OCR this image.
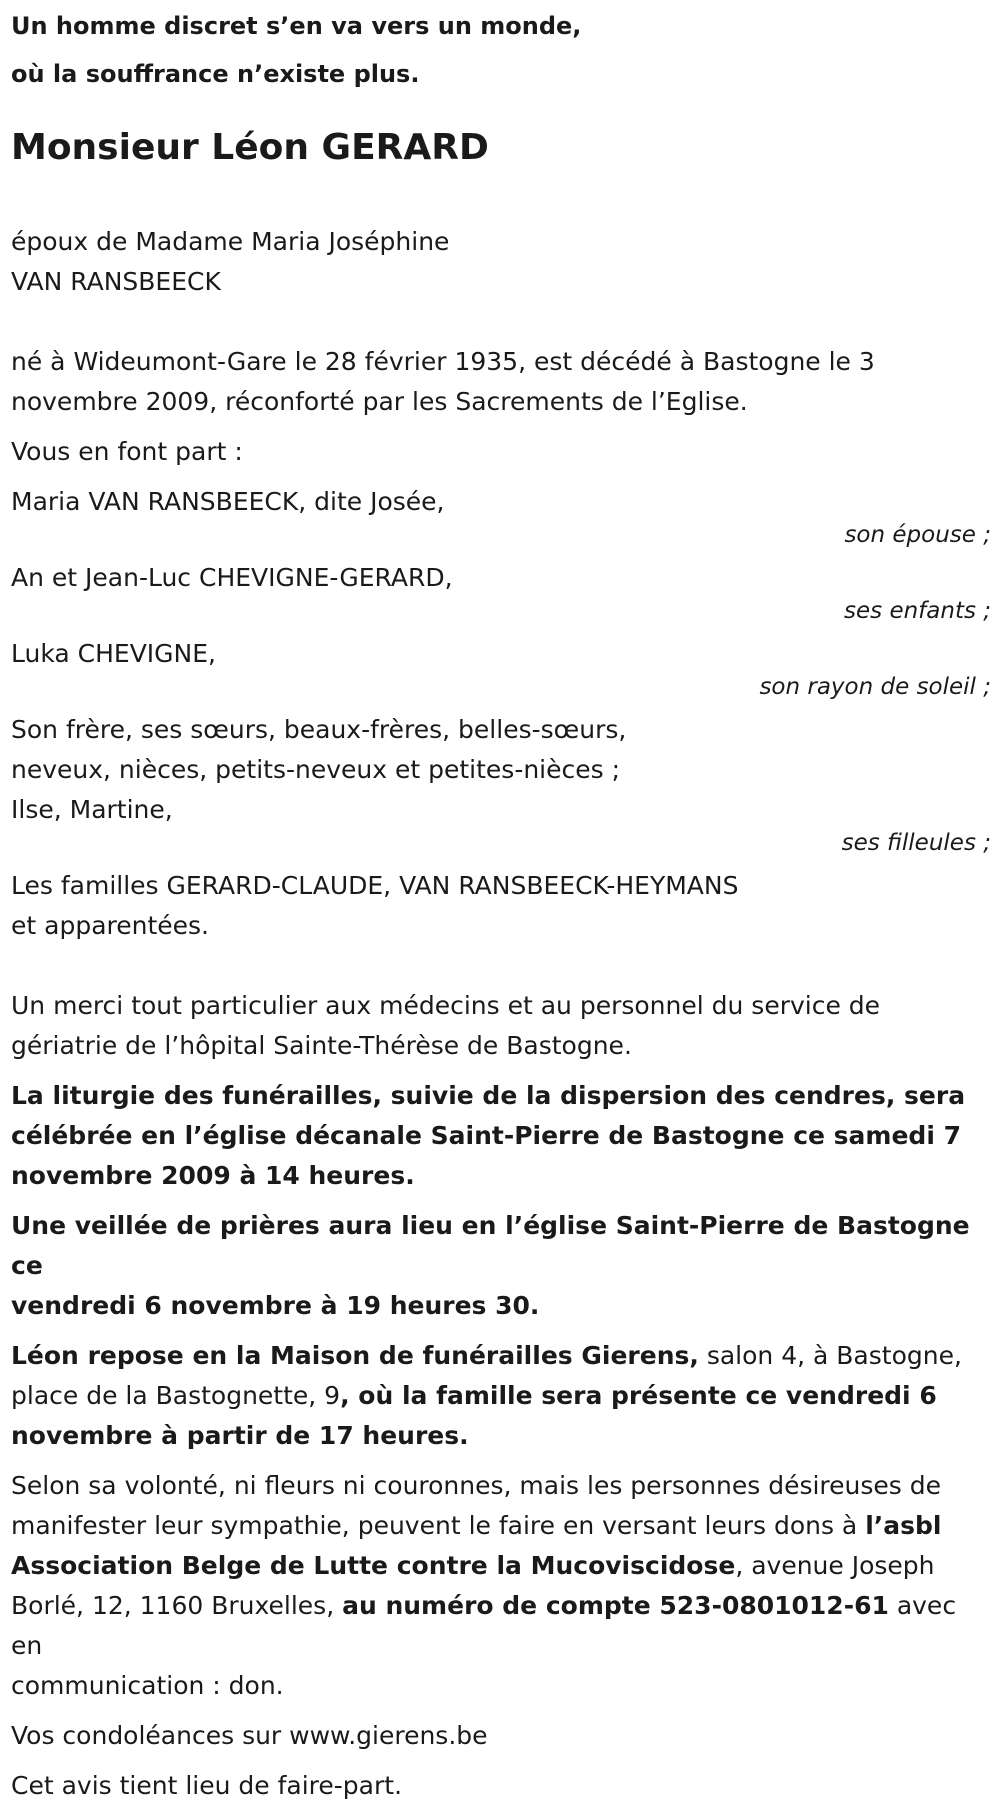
Un homme discret s’en va vers un monde,
où la souffrance n’existe plus.
Monsieur Léon GERARD
époux de Madame Maria Joséphine
VAN RANSBEECK
né à Wideumont-Gare le 28 février 1935, est décédé à Bastogne le 3
novembre 2009, réconforté par les Sacrements de l’Eglise.
Vous en font part :
Maria VAN RANSBEECK, dite Josée,
son épouse ;
An et Jean-Luc CHEVIGNE-GERARD,
ses enfants ;
Luka CHEVIGNE,
son rayon de soleil ;
Son frère, ses sœurs, beaux-frères, belles-sœurs,
neveux, nièces, petits-neveux et petites-nièces ;
Ilse, Martine,
ses filleules ;
Les familles GERARD-CLAUDE, VAN RANSBEECK-HEYMANS
et apparentées.
Un merci tout particulier aux médecins et au personnel du service de
gériatrie de l’hôpital Sainte-Thérèse de Bastogne.
La liturgie des funérailles, suivie de la dispersion des cendres, sera
célébrée en l’église décanale Saint-Pierre de Bastogne ce samedi 7
novembre 2009 à 14 heures.
Une veillée de prières aura lieu en l’église Saint-Pierre de Bastogne ce
vendredi 6 novembre à 19 heures 30.
Léon repose en la Maison de funérailles Gierens, salon 4, à Bastogne,
place de la Bastognette, 9, où la famille sera présente ce vendredi 6
novembre à partir de 17 heures.
Selon sa volonté, ni fleurs ni couronnes, mais les personnes désireuses de
manifester leur sympathie, peuvent le faire en versant leurs dons à l’asbl
Association Belge de Lutte contre la Mucoviscidose, avenue Joseph
Borlé, 12, 1160 Bruxelles, au numéro de compte 523-0801012-61 avec en
communication : don.
Vos condoléances sur www.gierens.be
Cet avis tient lieu de faire-part.
